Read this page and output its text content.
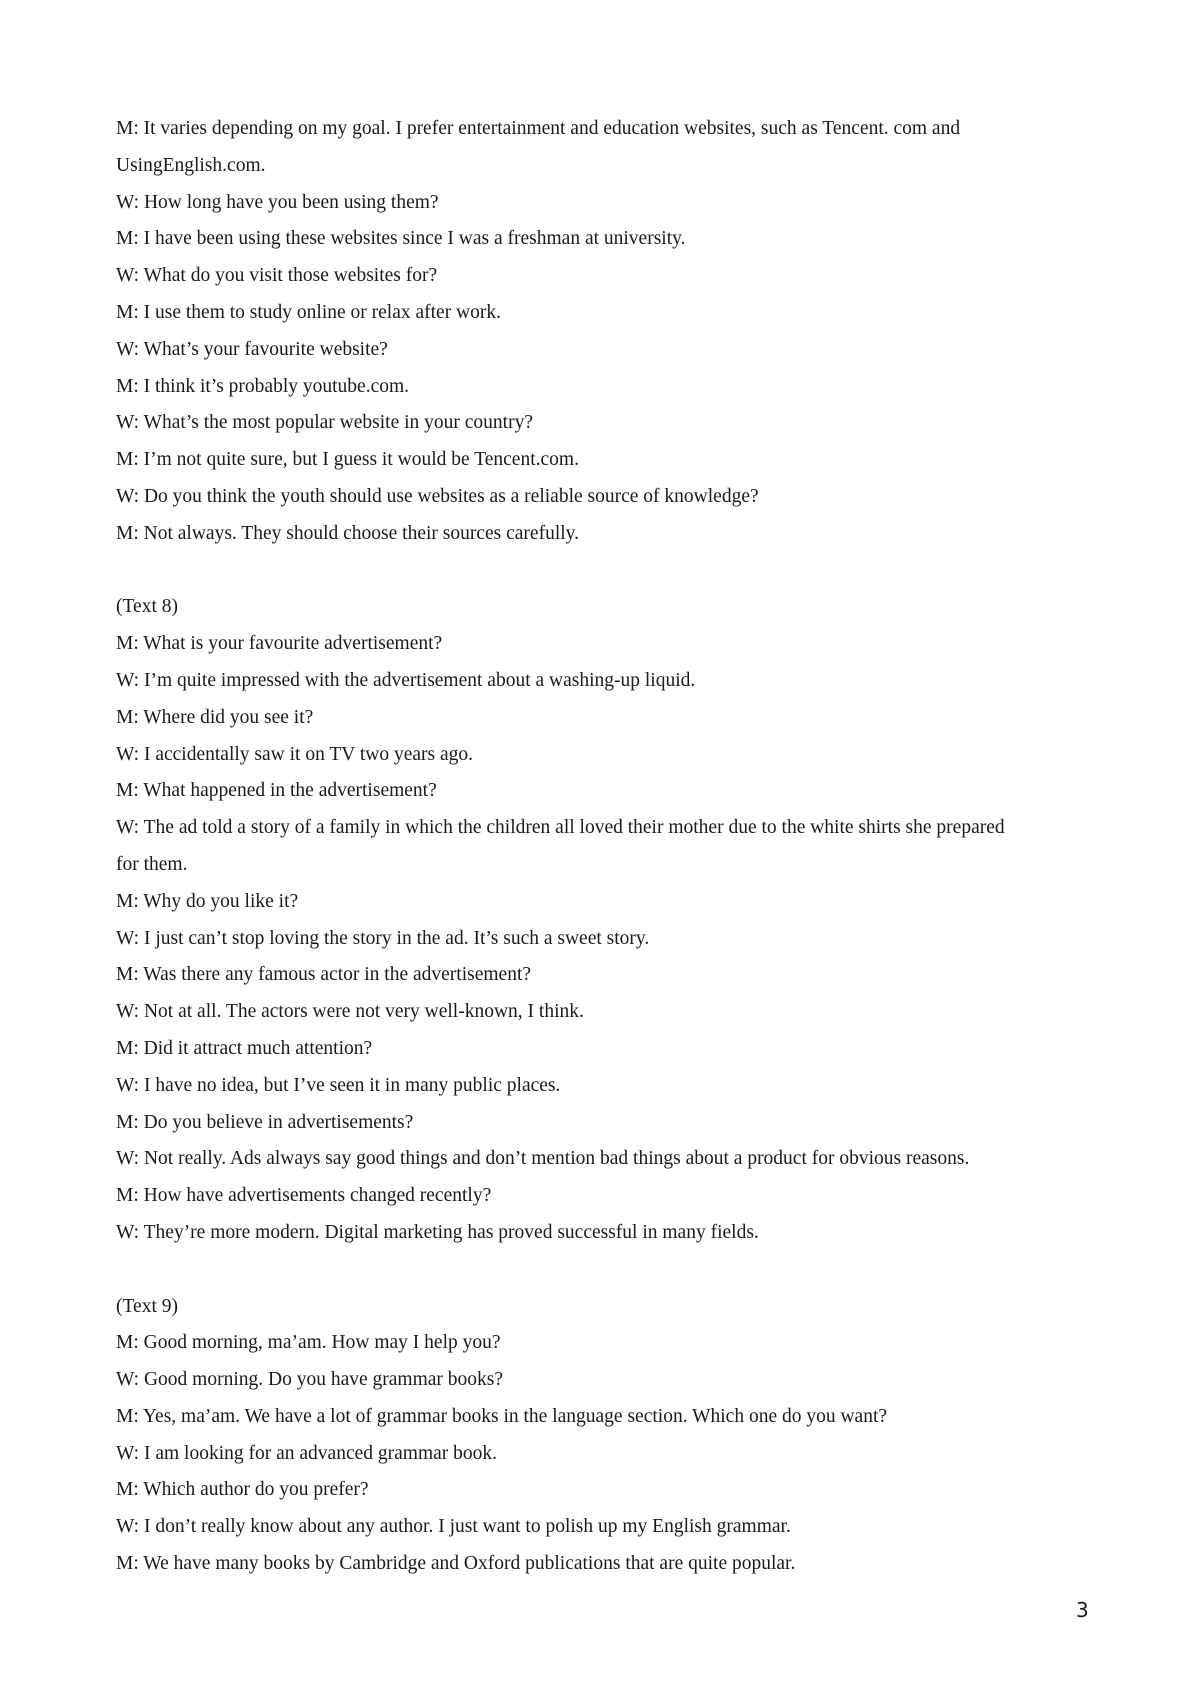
M: It varies depending on my goal. I prefer entertainment and education websites, such as Tencent. com and
UsingEnglish.com.
W: How long have you been using them?
M: I have been using these websites since I was a freshman at university.
W: What do you visit those websites for?
M: I use them to study online or relax after work.
W: What’s your favourite website?
M: I think it’s probably youtube.com.
W: What’s the most popular website in your country?
M: I’m not quite sure, but I guess it would be Tencent.com.
W: Do you think the youth should use websites as a reliable source of knowledge?
M: Not always. They should choose their sources carefully.
(Text 8)
M: What is your favourite advertisement?
W: I’m quite impressed with the advertisement about a washing-up liquid.
M: Where did you see it?
W: I accidentally saw it on TV two years ago.
M: What happened in the advertisement?
W: The ad told a story of a family in which the children all loved their mother due to the white shirts she prepared
for them.
M: Why do you like it?
W: I just can’t stop loving the story in the ad. It’s such a sweet story.
M: Was there any famous actor in the advertisement?
W: Not at all. The actors were not very well-known, I think.
M: Did it attract much attention?
W: I have no idea, but I’ve seen it in many public places.
M: Do you believe in advertisements?
W: Not really. Ads always say good things and don’t mention bad things about a product for obvious reasons.
M: How have advertisements changed recently?
W: They’re more modern. Digital marketing has proved successful in many fields.
(Text 9)
M: Good morning, ma’am. How may I help you?
W: Good morning. Do you have grammar books?
M: Yes, ma’am. We have a lot of grammar books in the language section. Which one do you want?
W: I am looking for an advanced grammar book.
M: Which author do you prefer?
W: I don’t really know about any author. I just want to polish up my English grammar.
M: We have many books by Cambridge and Oxford publications that are quite popular.
3
